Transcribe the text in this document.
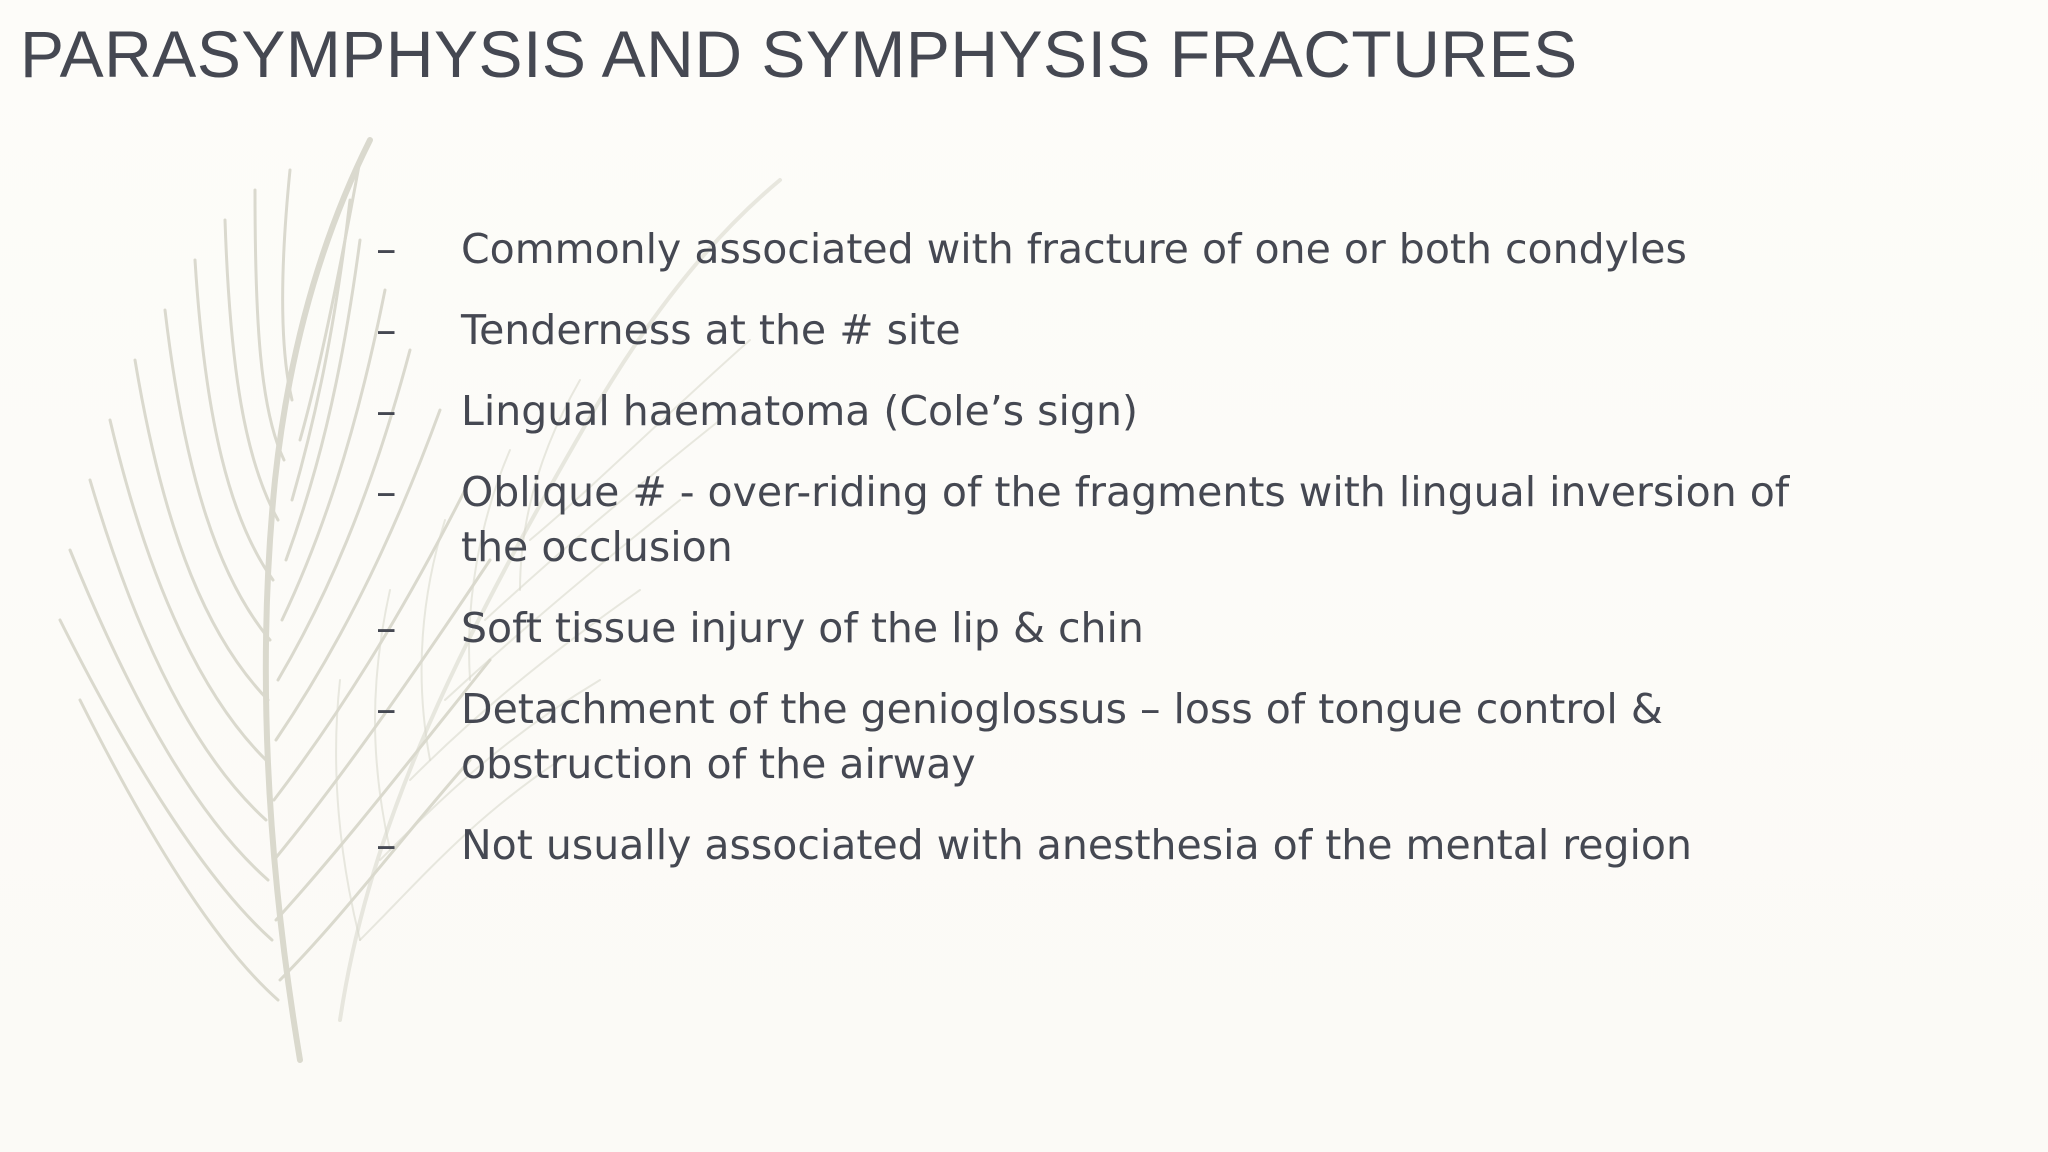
PARASYMPHYSIS AND SYMPHYSIS FRACTURES
–	Commonly associated with fracture of one or both condyles
–	Tenderness at the # site
–	Lingual haematoma (Cole’s sign)
–	Oblique # - over-riding of the fragments with lingual inversion of the occlusion
–	Soft tissue injury of the lip & chin
–	Detachment of the genioglossus – loss of tongue control & obstruction of the airway
–	Not usually associated with anesthesia of the mental region
